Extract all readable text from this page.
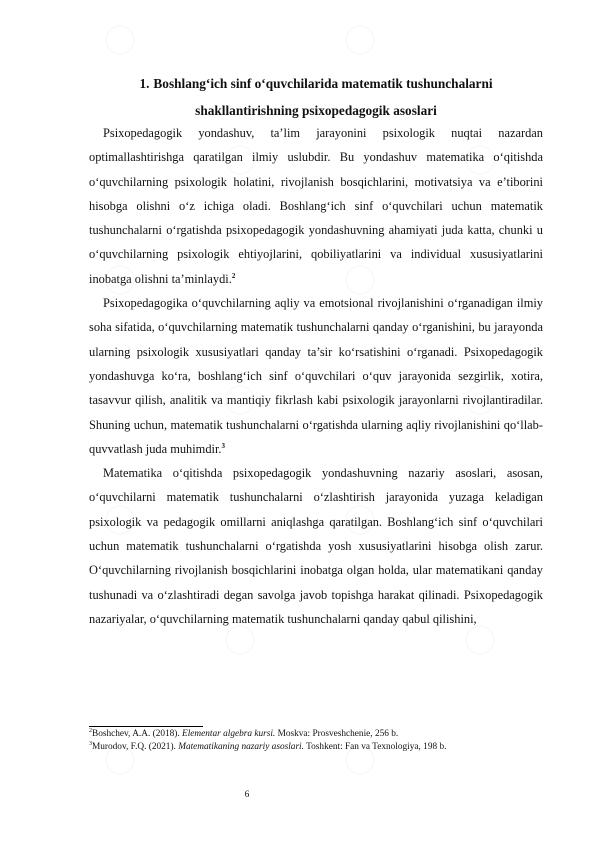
1. Boshlang‘ich sinf o‘quvchilarida matematik tushunchalarni
shakllantirishning psixopedagogik asoslari

Psixopedagogik yondashuv, ta’lim jarayonini psixologik nuqtai nazardan optimallashtirishga qaratilgan ilmiy uslubdir. Bu yondashuv matematika o‘qitishda o‘quvchilarning psixologik holatini, rivojlanish bosqichlarini, motivatsiya va e’tiborini hisobga olishni o‘z ichiga oladi. Boshlang‘ich sinf o‘quvchilari uchun matematik tushunchalarni o‘rgatishda psixopedagogik yondashuvning ahamiyati juda katta, chunki u o‘quvchilarning psixologik ehtiyojlarini, qobiliyatlarini va individual xususiyatlarini inobatga olishni ta’minlaydi.$^2$

Psixopedagogika o‘quvchilarning aqliy va emotsional rivojlanishini o‘rganadigan ilmiy soha sifatida, o‘quvchilarning matematik tushunchalarni qanday o‘rganishini, bu jarayonda ularning psixologik xususiyatlari qanday ta’sir ko‘rsatishini o‘rganadi. Psixopedagogik yondashuvga ko‘ra, boshlang‘ich sinf o‘quvchilari o‘quv jarayonida sezgirlik, xotira, tasavvur qilish, analitik va mantiqiy fikrlash kabi psixologik jarayonlarni rivojlantiradilar. Shuning uchun, matematik tushunchalarni o‘rgatishda ularning aqliy rivojlanishini qo‘llab-quvvatlash juda muhimdir.$^3$

Matematika o‘qitishda psixopedagogik yondashuvning nazariy asoslari, asosan, o‘quvchilarni matematik tushunchalarni o‘zlashtirish jarayonida yuzaga keladigan psixologik va pedagogik omillarni aniqlashga qaratilgan. Boshlang‘ich sinf o‘quvchilari uchun matematik tushunchalarni o‘rgatishda yosh xususiyatlarini hisobga olish zarur. O‘quvchilarning rivojlanish bosqichlarini inobatga olgan holda, ular matematikani qanday tushunadi va o‘zlashtiradi degan savolga javob topishga harakat qilinadi. Psixopedagogik nazariyalar, o‘quvchilarning matematik tushunchalarni qanday qabul qilishini,

$^2$Boshchev, A.A. (2018). Elementar algebra kursi. Moskva: Prosveshchenie, 256 b.

$^3$Murodov, F.Q. (2021). Matematikaning nazariy asoslari. Toshkent: Fan va Texnologiya, 198 b.

6
